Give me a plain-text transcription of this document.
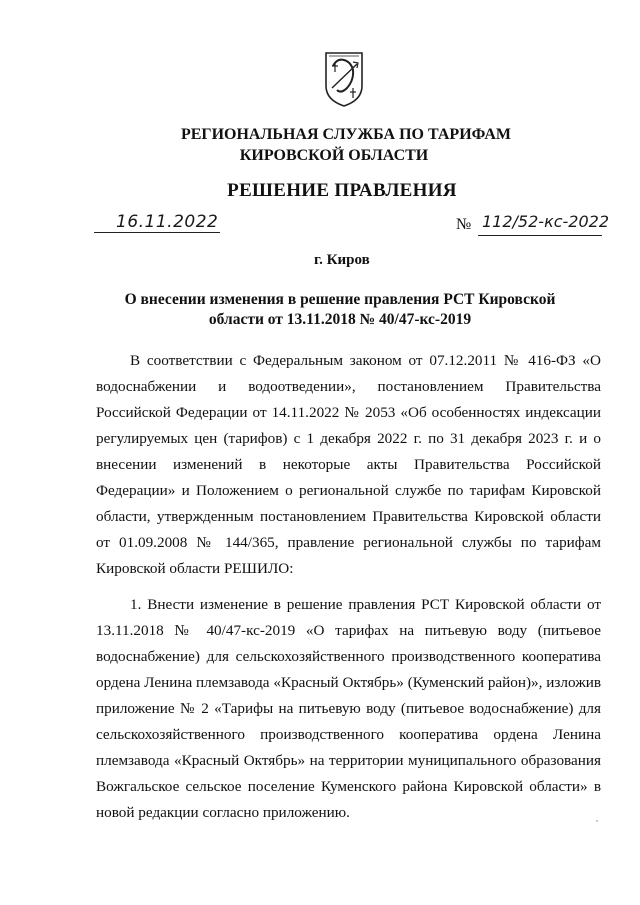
РЕГИОНАЛЬНАЯ СЛУЖБА ПО ТАРИФАМ
КИРОВСКОЙ ОБЛАСТИ
РЕШЕНИЕ ПРАВЛЕНИЯ
16.11.2022	№ 112/52-кс-2022
г. Киров
О внесении изменения в решение правления РСТ Кировской
области от 13.11.2018 № 40/47-кс-2019

В соответствии с Федеральным законом от 07.12.2011 № 416-ФЗ «О водоснабжении и водоотведении», постановлением Правительства Российской Федерации от 14.11.2022 № 2053 «Об особенностях индексации регулируемых цен (тарифов) с 1 декабря 2022 г. по 31 декабря 2023 г. и о внесении изменений в некоторые акты Правительства Российской Федерации» и Положением о региональной службе по тарифам Кировской области, утвержденным постановлением Правительства Кировской области от 01.09.2008 № 144/365, правление региональной службы по тарифам Кировской области РЕШИЛО:

1. Внести изменение в решение правления РСТ Кировской области от 13.11.2018 № 40/47-кс-2019 «О тарифах на питьевую воду (питьевое водоснабжение) для сельскохозяйственного производственного кооператива ордена Ленина племзавода «Красный Октябрь» (Куменский район)», изложив приложение № 2 «Тарифы на питьевую воду (питьевое водоснабжение) для сельскохозяйственного производственного кооператива ордена Ленина племзавода «Красный Октябрь» на территории муниципального образования Вожгальское сельское поселение Куменского района Кировской области» в новой редакции согласно приложению.
